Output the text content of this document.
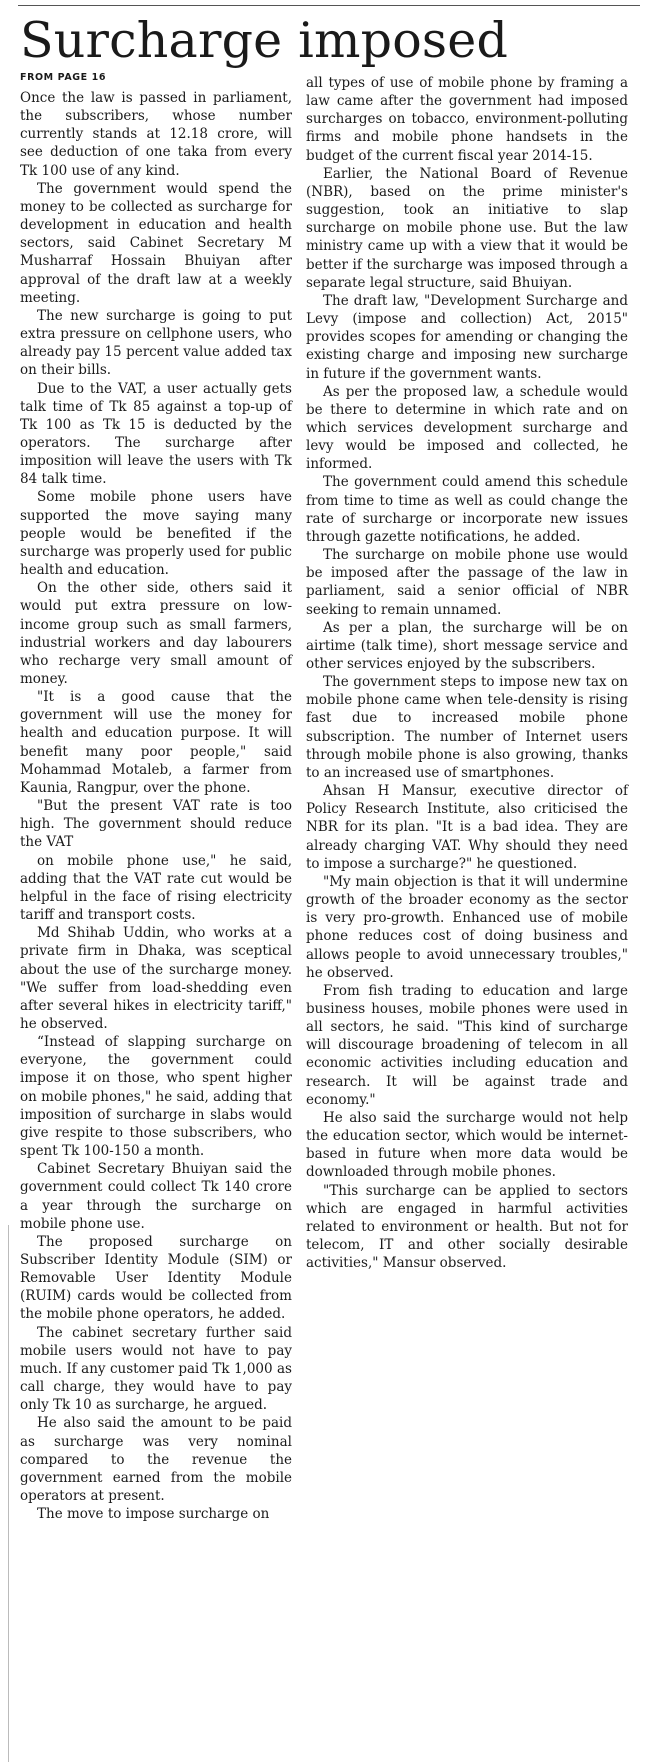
Surcharge imposed
FROM PAGE 16

Once the law is passed in parliament, the subscribers, whose number currently stands at 12.18 crore, will see deduction of one taka from every Tk 100 use of any kind.

The government would spend the money to be collected as surcharge for development in education and health sectors, said Cabinet Secretary M Musharraf Hossain Bhuiyan after approval of the draft law at a weekly meeting.

The new surcharge is going to put extra pressure on cellphone users, who already pay 15 percent value added tax on their bills.

Due to the VAT, a user actually gets talk time of Tk 85 against a top-up of Tk 100 as Tk 15 is deducted by the operators. The surcharge after imposition will leave the users with Tk 84 talk time.

Some mobile phone users have supported the move saying many people would be benefited if the surcharge was properly used for public health and education.

On the other side, others said it would put extra pressure on low-income group such as small farmers, industrial workers and day labourers who recharge very small amount of money.

"It is a good cause that the government will use the money for health and education purpose. It will benefit many poor people," said Mohammad Motaleb, a farmer from Kaunia, Rangpur, over the phone.

"But the present VAT rate is too high. The government should reduce the VAT

on mobile phone use," he said, adding that the VAT rate cut would be helpful in the face of rising electricity tariff and transport costs.

Md Shihab Uddin, who works at a private firm in Dhaka, was sceptical about the use of the surcharge money. "We suffer from load-shedding even after several hikes in electricity tariff," he observed.

“Instead of slapping surcharge on everyone, the government could impose it on those, who spent higher on mobile phones," he said, adding that imposition of surcharge in slabs would give respite to those subscribers, who spent Tk 100-150 a month.

Cabinet Secretary Bhuiyan said the government could collect Tk 140 crore a year through the surcharge on mobile phone use.

The proposed surcharge on Subscriber Identity Module (SIM) or Removable User Identity Module (RUIM) cards would be collected from the mobile phone operators, he added.

The cabinet secretary further said mobile users would not have to pay much. If any customer paid Tk 1,000 as call charge, they would have to pay only Tk 10 as surcharge, he argued.

He also said the amount to be paid as surcharge was very nominal compared to the revenue the government earned from the mobile operators at present.

The move to impose surcharge on

all types of use of mobile phone by framing a law came after the government had imposed surcharges on tobacco, environment-polluting firms and mobile phone handsets in the budget of the current fiscal year 2014-15.

Earlier, the National Board of Revenue (NBR), based on the prime minister's suggestion, took an initiative to slap surcharge on mobile phone use. But the law ministry came up with a view that it would be better if the surcharge was imposed through a separate legal structure, said Bhuiyan.

The draft law, "Development Surcharge and Levy (impose and collection) Act, 2015" provides scopes for amending or changing the existing charge and imposing new surcharge in future if the government wants.

As per the proposed law, a schedule would be there to determine in which rate and on which services development surcharge and levy would be imposed and collected, he informed.

The government could amend this schedule from time to time as well as could change the rate of surcharge or incorporate new issues through gazette notifications, he added.

The surcharge on mobile phone use would be imposed after the passage of the law in parliament, said a senior official of NBR seeking to remain unnamed.

As per a plan, the surcharge will be on airtime (talk time), short message service and other services enjoyed by the subscribers.

The government steps to impose new tax on mobile phone came when tele-density is rising fast due to increased mobile phone subscription. The number of Internet users through mobile phone is also growing, thanks to an increased use of smartphones.

Ahsan H Mansur, executive director of Policy Research Institute, also criticised the NBR for its plan. "It is a bad idea. They are already charging VAT. Why should they need to impose a surcharge?" he questioned.

"My main objection is that it will undermine growth of the broader economy as the sector is very pro-growth. Enhanced use of mobile phone reduces cost of doing business and allows people to avoid unnecessary troubles," he observed.

From fish trading to education and large business houses, mobile phones were used in all sectors, he said. "This kind of surcharge will discourage broadening of telecom in all economic activities including education and research. It will be against trade and economy."

He also said the surcharge would not help the education sector, which would be internet-based in future when more data would be downloaded through mobile phones.

"This surcharge can be applied to sectors which are engaged in harmful activities related to environment or health. But not for telecom, IT and other socially desirable activities," Mansur observed.
